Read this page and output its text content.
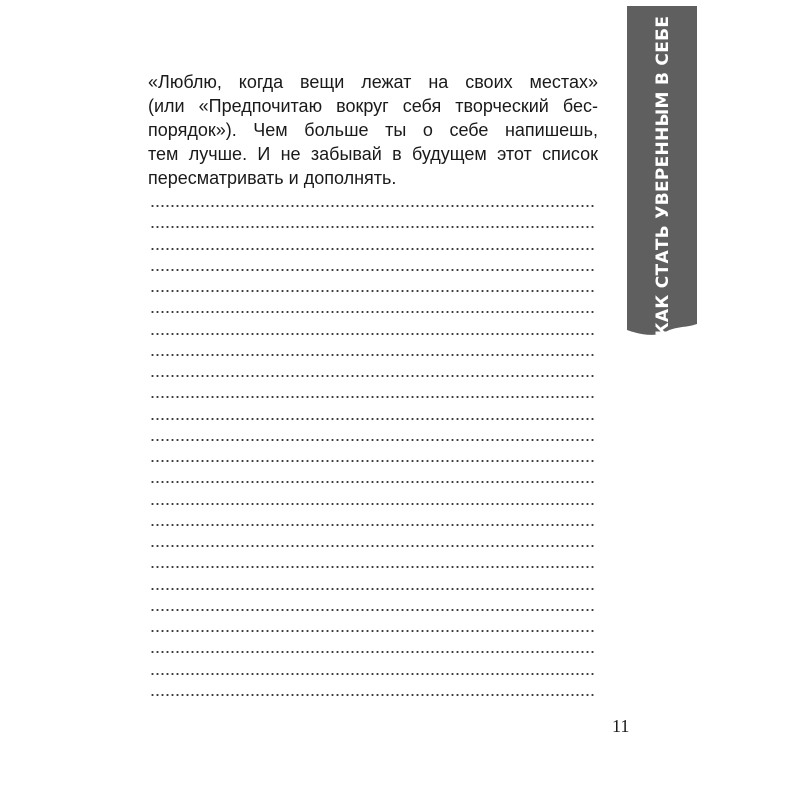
«Люблю, когда вещи лежат на своих местах»
(или «Предпочитаю вокруг себя творческий бес-
порядок»). Чем больше ты о себе напишешь,
тем лучше. И не забывай в будущем этот список
пересматривать и дополнять.	КАК СТАТЬ УВЕРЕННЫМ В СЕБЕ
11
